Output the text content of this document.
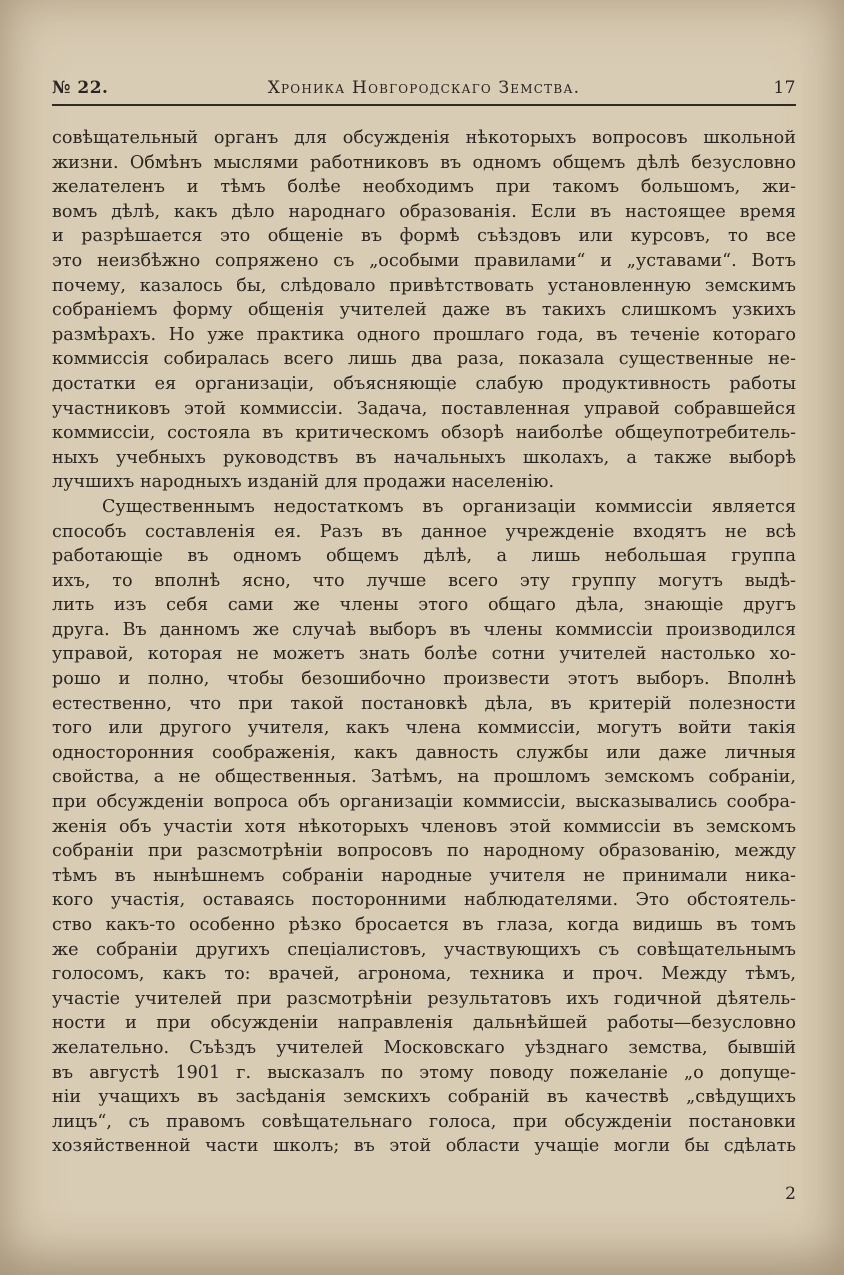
№ 22.	Хроника Новгородскаго Земства.	17
совѣщательный органъ для обсужденія нѣкоторыхъ вопросовъ школьной
жизни. Обмѣнъ мыслями работниковъ въ одномъ общемъ дѣлѣ безусловно
желателенъ и тѣмъ болѣе необходимъ при такомъ большомъ, жи-
вомъ дѣлѣ, какъ дѣло народнаго образованія. Если въ настоящее время
и разрѣшается это общеніе въ формѣ съѣздовъ или курсовъ, то все
это неизбѣжно сопряжено съ „особыми правилами“ и „уставами“. Вотъ
почему, казалось бы, слѣдовало привѣтствовать установленную земскимъ
собраніемъ форму общенія учителей даже въ такихъ слишкомъ узкихъ
размѣрахъ. Но уже практика одного прошлаго года, въ теченіе котораго
коммиссія собиралась всего лишь два раза, показала существенные не-
достатки ея организаціи, объясняющіе слабую продуктивность работы
участниковъ этой коммиссіи. Задача, поставленная управой собравшейся
коммиссіи, состояла въ критическомъ обзорѣ наиболѣе общеупотребитель-
ныхъ учебныхъ руководствъ въ начальныхъ школахъ, а также выборѣ
лучшихъ народныхъ изданій для продажи населенію.
Существеннымъ недостаткомъ въ организаціи коммиссіи является
способъ составленія ея. Разъ въ данное учрежденіе входятъ не всѣ
работающіе въ одномъ общемъ дѣлѣ, а лишь небольшая группа
ихъ, то вполнѣ ясно, что лучше всего эту группу могутъ выдѣ-
лить изъ себя сами же члены этого общаго дѣла, знающіе другъ
друга. Въ данномъ же случаѣ выборъ въ члены коммиссіи производился
управой, которая не можетъ знать болѣе сотни учителей настолько хо-
рошо и полно, чтобы безошибочно произвести этотъ выборъ. Вполнѣ
естественно, что при такой постановкѣ дѣла, въ критерій полезности
того или другого учителя, какъ члена коммиссіи, могутъ войти такія
односторонния соображенія, какъ давность службы или даже личныя
свойства, а не общественныя. Затѣмъ, на прошломъ земскомъ собраніи,
при обсужденіи вопроса объ организаціи коммиссіи, высказывались сообра-
женія объ участіи хотя нѣкоторыхъ членовъ этой коммиссіи въ земскомъ
собраніи при разсмотрѣніи вопросовъ по народному образованію, между
тѣмъ въ нынѣшнемъ собраніи народные учителя не принимали ника-
кого участія, оставаясь посторонними наблюдателями. Это обстоятель-
ство какъ-то особенно рѣзко бросается въ глаза, когда видишь въ томъ
же собраніи другихъ спеціалистовъ, участвующихъ съ совѣщательнымъ
голосомъ, какъ то: врачей, агронома, техника и проч. Между тѣмъ,
участіе учителей при разсмотрѣніи результатовъ ихъ годичной дѣятель-
ности и при обсужденіи направленія дальнѣйшей работы—безусловно
желательно. Съѣздъ учителей Московскаго уѣзднаго земства, бывшій
въ августѣ 1901 г. высказалъ по этому поводу пожеланіе „о допуще-
ніи учащихъ въ засѣданія земскихъ собраній въ качествѣ „свѣдущихъ
лицъ“, съ правомъ совѣщательнаго голоса, при обсужденіи постановки
хозяйственной части школъ; въ этой области учащіе могли бы сдѣлать
2
